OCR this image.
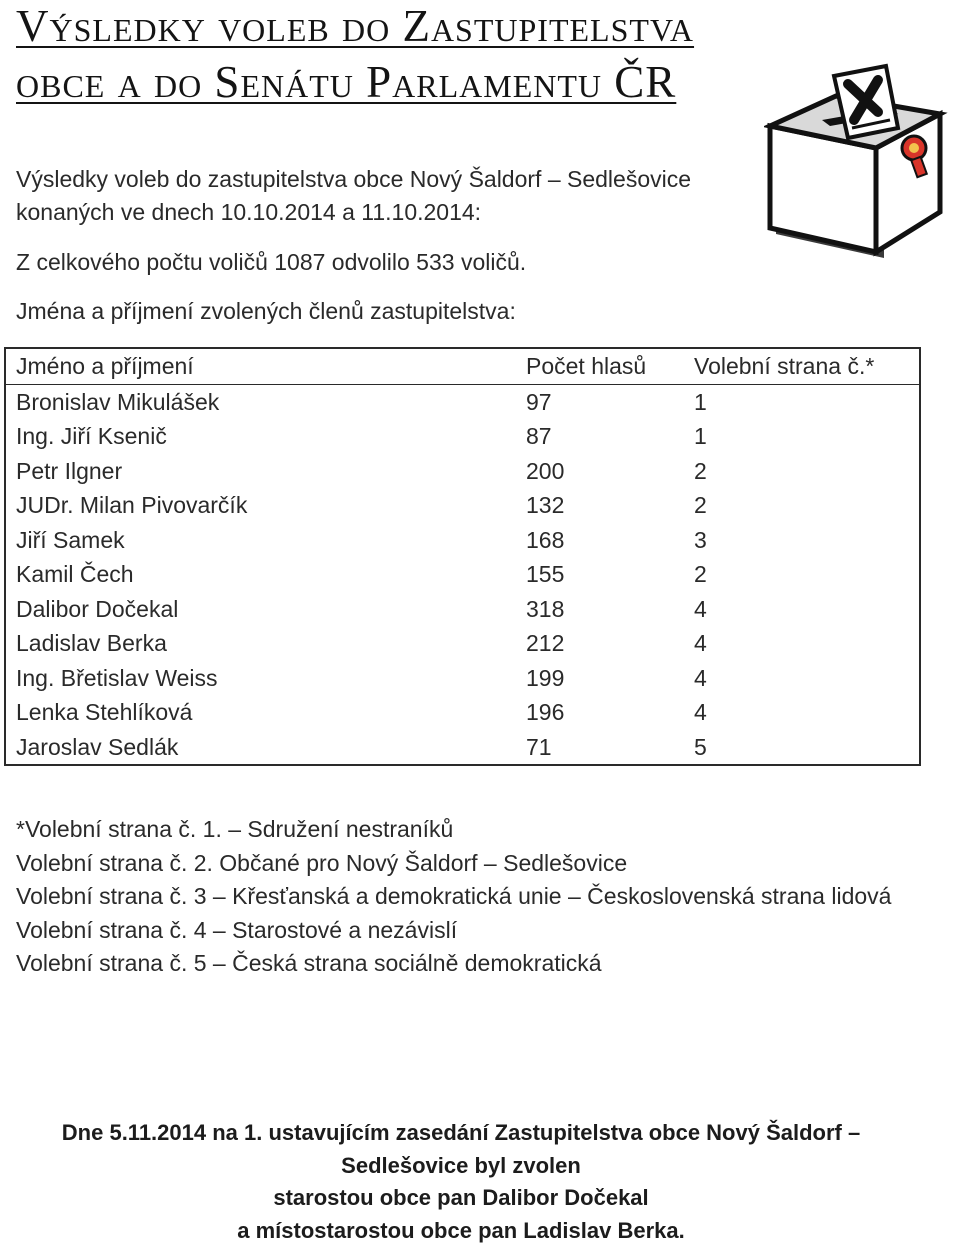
Výsledky voleb do Zastupitelstva
obce a do Senátu Parlamentu ČR
Výsledky voleb do zastupitelstva obce Nový Šaldorf – Sedlešovice
konaných ve dnech 10.10.2014 a 11.10.2014:
Z celkového počtu voličů 1087 odvolilo 533 voličů.
Jména a příjmení zvolených členů zastupitelstva:
Jméno a příjmení	Počet hlasů	Volební strana č.*
Bronislav Mikulášek	97	1
Ing. Jiří Ksenič	87	1
Petr Ilgner	200	2
JUDr. Milan Pivovarčík	132	2
Jiří Samek	168	3
Kamil Čech	155	2
Dalibor Dočekal	318	4
Ladislav Berka	212	4
Ing. Břetislav Weiss	199	4
Lenka Stehlíková	196	4
Jaroslav Sedlák	71	5
*Volební strana č. 1. – Sdružení nestraníků
Volební strana č. 2. Občané pro Nový Šaldorf – Sedlešovice
Volební strana č. 3 – Křesťanská a demokratická unie – Československá strana lidová
Volební strana č. 4 – Starostové a nezávislí
Volební strana č. 5 – Česká strana sociálně demokratická
Dne 5.11.2014 na 1. ustavujícím zasedání Zastupitelstva obce Nový Šaldorf –
Sedlešovice byl zvolen
starostou obce pan Dalibor Dočekal
a místostarostou obce pan Ladislav Berka.
